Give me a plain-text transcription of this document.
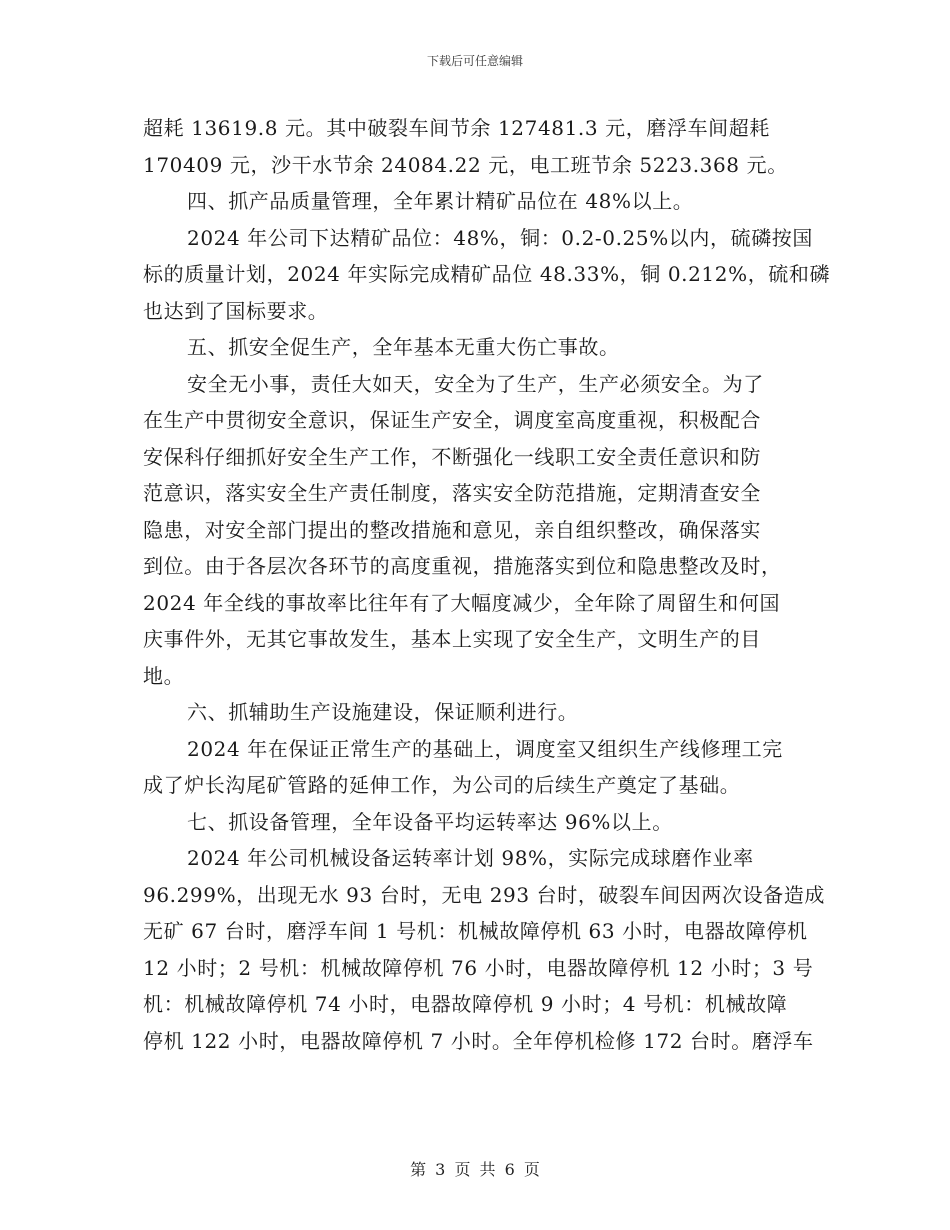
下载后可任意编辑
超耗 13619.8 元。其中破裂车间节余 127481.3 元，磨浮车间超耗
170409 元，沙干水节余 24084.22 元，电工班节余 5223.368 元。
四、抓产品质量管理，全年累计精矿品位在 48%以上。
2024 年公司下达精矿品位：48%，铜：0.2-0.25%以内，硫磷按国
标的质量计划，2024 年实际完成精矿品位 48.33%，铜 0.212%，硫和磷
也达到了国标要求。
五、抓安全促生产，全年基本无重大伤亡事故。
安全无小事，责任大如天，安全为了生产，生产必须安全。为了
在生产中贯彻安全意识，保证生产安全，调度室高度重视，积极配合
安保科仔细抓好安全生产工作，不断强化一线职工安全责任意识和防
范意识，落实安全生产责任制度，落实安全防范措施，定期清查安全
隐患，对安全部门提出的整改措施和意见，亲自组织整改，确保落实
到位。由于各层次各环节的高度重视，措施落实到位和隐患整改及时，
2024 年全线的事故率比往年有了大幅度减少，全年除了周留生和何国
庆事件外，无其它事故发生，基本上实现了安全生产，文明生产的目
地。
六、抓辅助生产设施建设，保证顺利进行。
2024 年在保证正常生产的基础上，调度室又组织生产线修理工完
成了炉长沟尾矿管路的延伸工作，为公司的后续生产奠定了基础。
七、抓设备管理，全年设备平均运转率达 96%以上。
2024 年公司机械设备运转率计划 98%，实际完成球磨作业率
96.299%，出现无水 93 台时，无电 293 台时，破裂车间因两次设备造成
无矿 67 台时，磨浮车间 1 号机：机械故障停机 63 小时，电器故障停机
12 小时；2 号机：机械故障停机 76 小时，电器故障停机 12 小时；3 号
机：机械故障停机 74 小时，电器故障停机 9 小时；4 号机：机械故障
停机 122 小时，电器故障停机 7 小时。全年停机检修 172 台时。磨浮车
第 3 页 共 6 页
